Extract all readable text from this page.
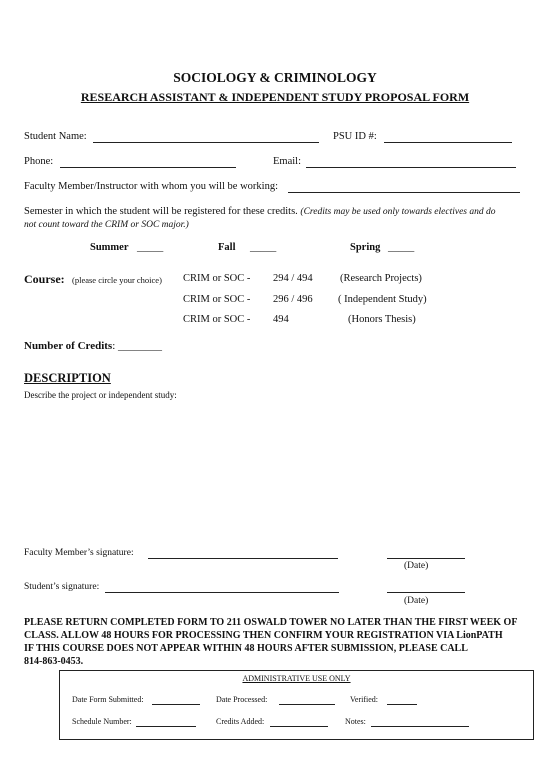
SOCIOLOGY & CRIMINOLOGY
RESEARCH ASSISTANT & INDEPENDENT STUDY PROPOSAL FORM
Student Name:	PSU ID #:
Phone:	Email:
Faculty Member/Instructor with whom you will be working:
Semester in which the student will be registered for these credits. (Credits may be used only towards electives and do
not count toward the CRIM or SOC major.)
Summer _____	Fall _____	Spring _____
Course: (please circle your choice) CRIM or SOC - 294 / 494	(Research Projects)
CRIM or SOC - 296 / 496 ( Independent Study)
CRIM or SOC - 494	(Honors Thesis)
Number of Credits: ________
DESCRIPTION
Describe the project or independent study:
Faculty Member’s signature:
(Date)
Student’s signature:
(Date)
PLEASE RETURN COMPLETED FORM TO 211 OSWALD TOWER NO LATER THAN THE FIRST WEEK OF
CLASS. ALLOW 48 HOURS FOR PROCESSING THEN CONFIRM YOUR REGISTRATION VIA LionPATH
IF THIS COURSE DOES NOT APPEAR WITHIN 48 HOURS AFTER SUBMISSION, PLEASE CALL
814-863-0453.
ADMINISTRATIVE USE ONLY
Date Form Submitted:	Date Processed:	Verified:
Schedule Number:	Credits Added:	Notes:
